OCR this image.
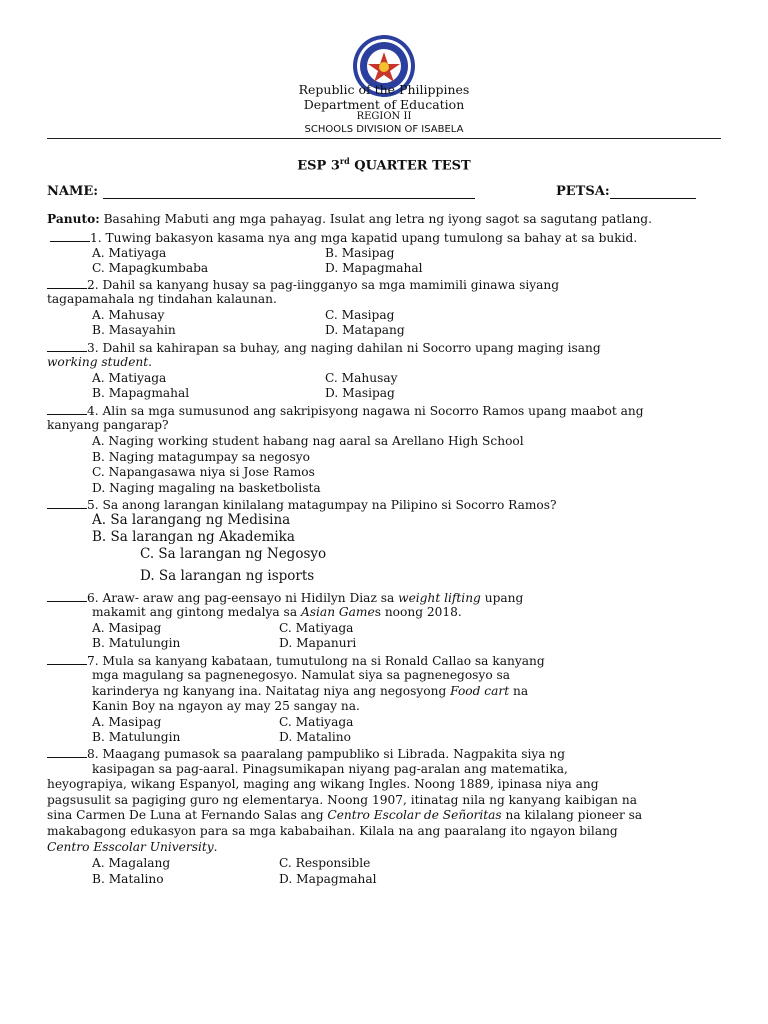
Republic of the Philippines
Department of Education
REGION II
SCHOOLS DIVISION OF ISABELA
ESP 3rd QUARTER TEST
NAME:	PETSA:
Panuto: Basahing Mabuti ang mga pahayag. Isulat ang letra ng iyong sagot sa sagutang patlang.
1. Tuwing bakasyon kasama nya ang mga kapatid upang tumulong sa bahay at sa bukid.
A. Matiyaga	B. Masipag
C. Mapagkumbaba	D. Mapagmahal
2. Dahil sa kanyang husay sa pag-iingganyo sa mga mamimili ginawa siyang
tagapamahala ng tindahan kalaunan.
A. Mahusay	C. Masipag
B. Masayahin	D. Matapang
3. Dahil sa kahirapan sa buhay, ang naging dahilan ni Socorro upang maging isang
working student.
A. Matiyaga	C. Mahusay
B. Mapagmahal	D. Masipag
4. Alin sa mga sumusunod ang sakripisyong nagawa ni Socorro Ramos upang maabot ang
kanyang pangarap?
A. Naging working student habang nag aaral sa Arellano High School
B. Naging matagumpay sa negosyo
C. Napangasawa niya si Jose Ramos
D. Naging magaling na basketbolista
5. Sa anong larangan kinilalang matagumpay na Pilipino si Socorro Ramos?
A. Sa larangang ng Medisina
B. Sa larangan ng Akademika
C. Sa larangan ng Negosyo
D. Sa larangan ng isports
6. Araw- araw ang pag-eensayo ni Hidilyn Diaz sa weight lifting upang
makamit ang gintong medalya sa Asian Games noong 2018.
A. Masipag	C. Matiyaga
B. Matulungin	D. Mapanuri
7. Mula sa kanyang kabataan, tumutulong na si Ronald Callao sa kanyang
mga magulang sa pagnenegosyo. Namulat siya sa pagnenegosyo sa
karinderya ng kanyang ina. Naitatag niya ang negosyong Food cart na
Kanin Boy na ngayon ay may 25 sangay na.
A. Masipag	C. Matiyaga
B. Matulungin	D. Matalino
8. Maagang pumasok sa paaralang pampubliko si Librada. Nagpakita siya ng
kasipagan sa pag-aaral. Pinagsumikapan niyang pag-aralan ang matematika,
heyograpiya, wikang Espanyol, maging ang wikang Ingles. Noong 1889, ipinasa niya ang
pagsusulit sa pagiging guro ng elementarya. Noong 1907, itinatag nila ng kanyang kaibigan na
sina Carmen De Luna at Fernando Salas ang Centro Escolar de Señoritas na kilalang pioneer sa
makabagong edukasyon para sa mga kababaihan. Kilala na ang paaralang ito ngayon bilang
Centro Esscolar University.
A. Magalang	C. Responsible
B. Matalino	D. Mapagmahal
